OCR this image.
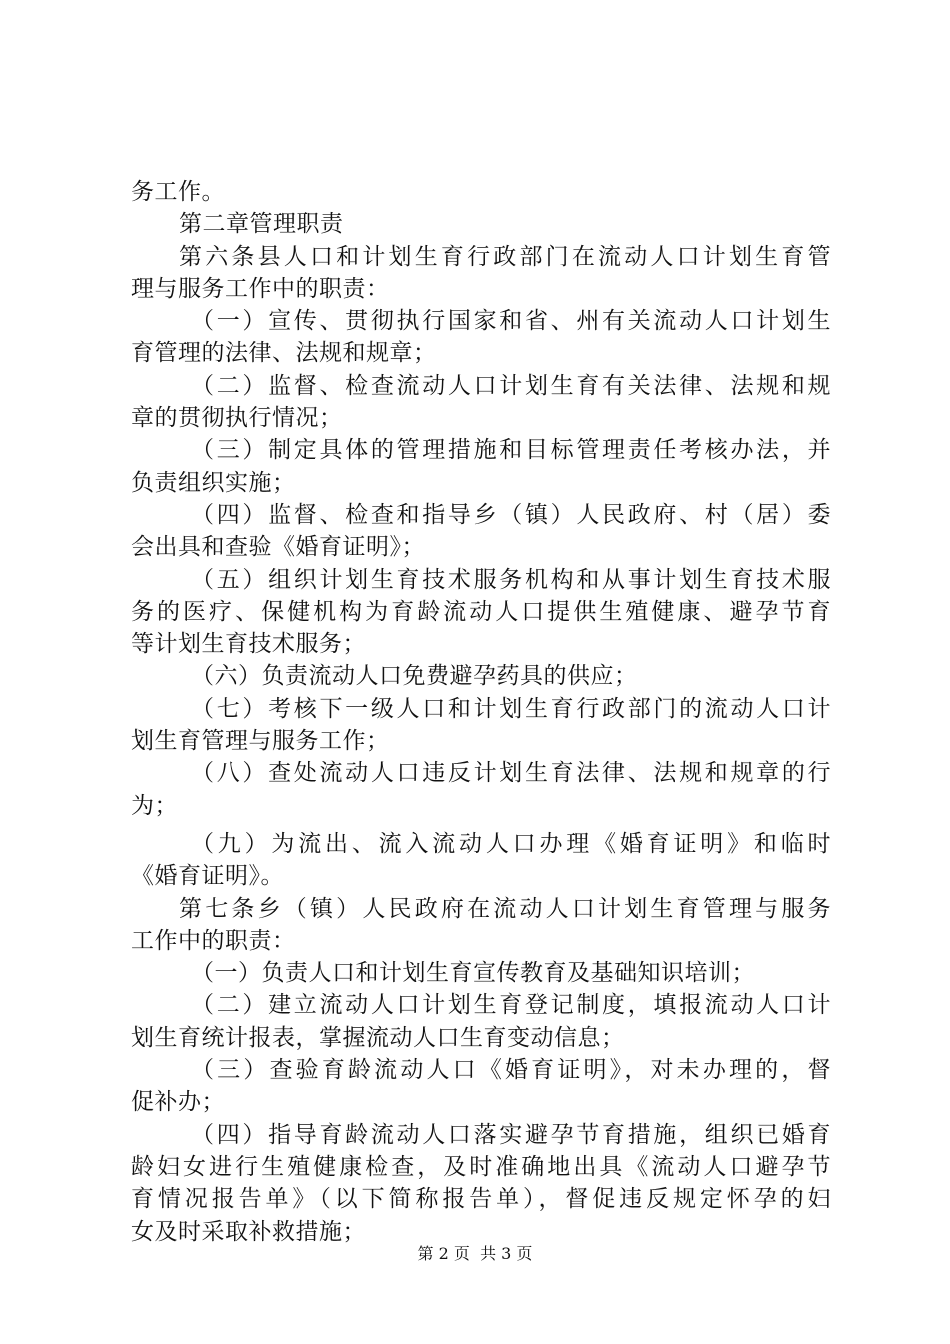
务工作。
第二章管理职责
第六条县人口和计划生育行政部门在流动人口计划生育管
理与服务工作中的职责：
（一）宣传、贯彻执行国家和省、州有关流动人口计划生
育管理的法律、法规和规章；
（二）监督、检查流动人口计划生育有关法律、法规和规
章的贯彻执行情况；
（三）制定具体的管理措施和目标管理责任考核办法，并
负责组织实施；
（四）监督、检查和指导乡（镇）人民政府、村（居）委
会出具和查验《婚育证明》；
（五）组织计划生育技术服务机构和从事计划生育技术服
务的医疗、保健机构为育龄流动人口提供生殖健康、避孕节育
等计划生育技术服务；
（六）负责流动人口免费避孕药具的供应；
（七）考核下一级人口和计划生育行政部门的流动人口计
划生育管理与服务工作；
（八）查处流动人口违反计划生育法律、法规和规章的行
为；
（九）为流出、流入流动人口办理《婚育证明》和临时
《婚育证明》。
第七条乡（镇）人民政府在流动人口计划生育管理与服务
工作中的职责：
（一）负责人口和计划生育宣传教育及基础知识培训；
（二）建立流动人口计划生育登记制度，填报流动人口计
划生育统计报表，掌握流动人口生育变动信息；
（三）查验育龄流动人口《婚育证明》，对未办理的，督
促补办；
（四）指导育龄流动人口落实避孕节育措施，组织已婚育
龄妇女进行生殖健康检查，及时准确地出具《流动人口避孕节
育情况报告单》（以下简称报告单），督促违反规定怀孕的妇
女及时采取补救措施；
第 2 页  共 3 页
